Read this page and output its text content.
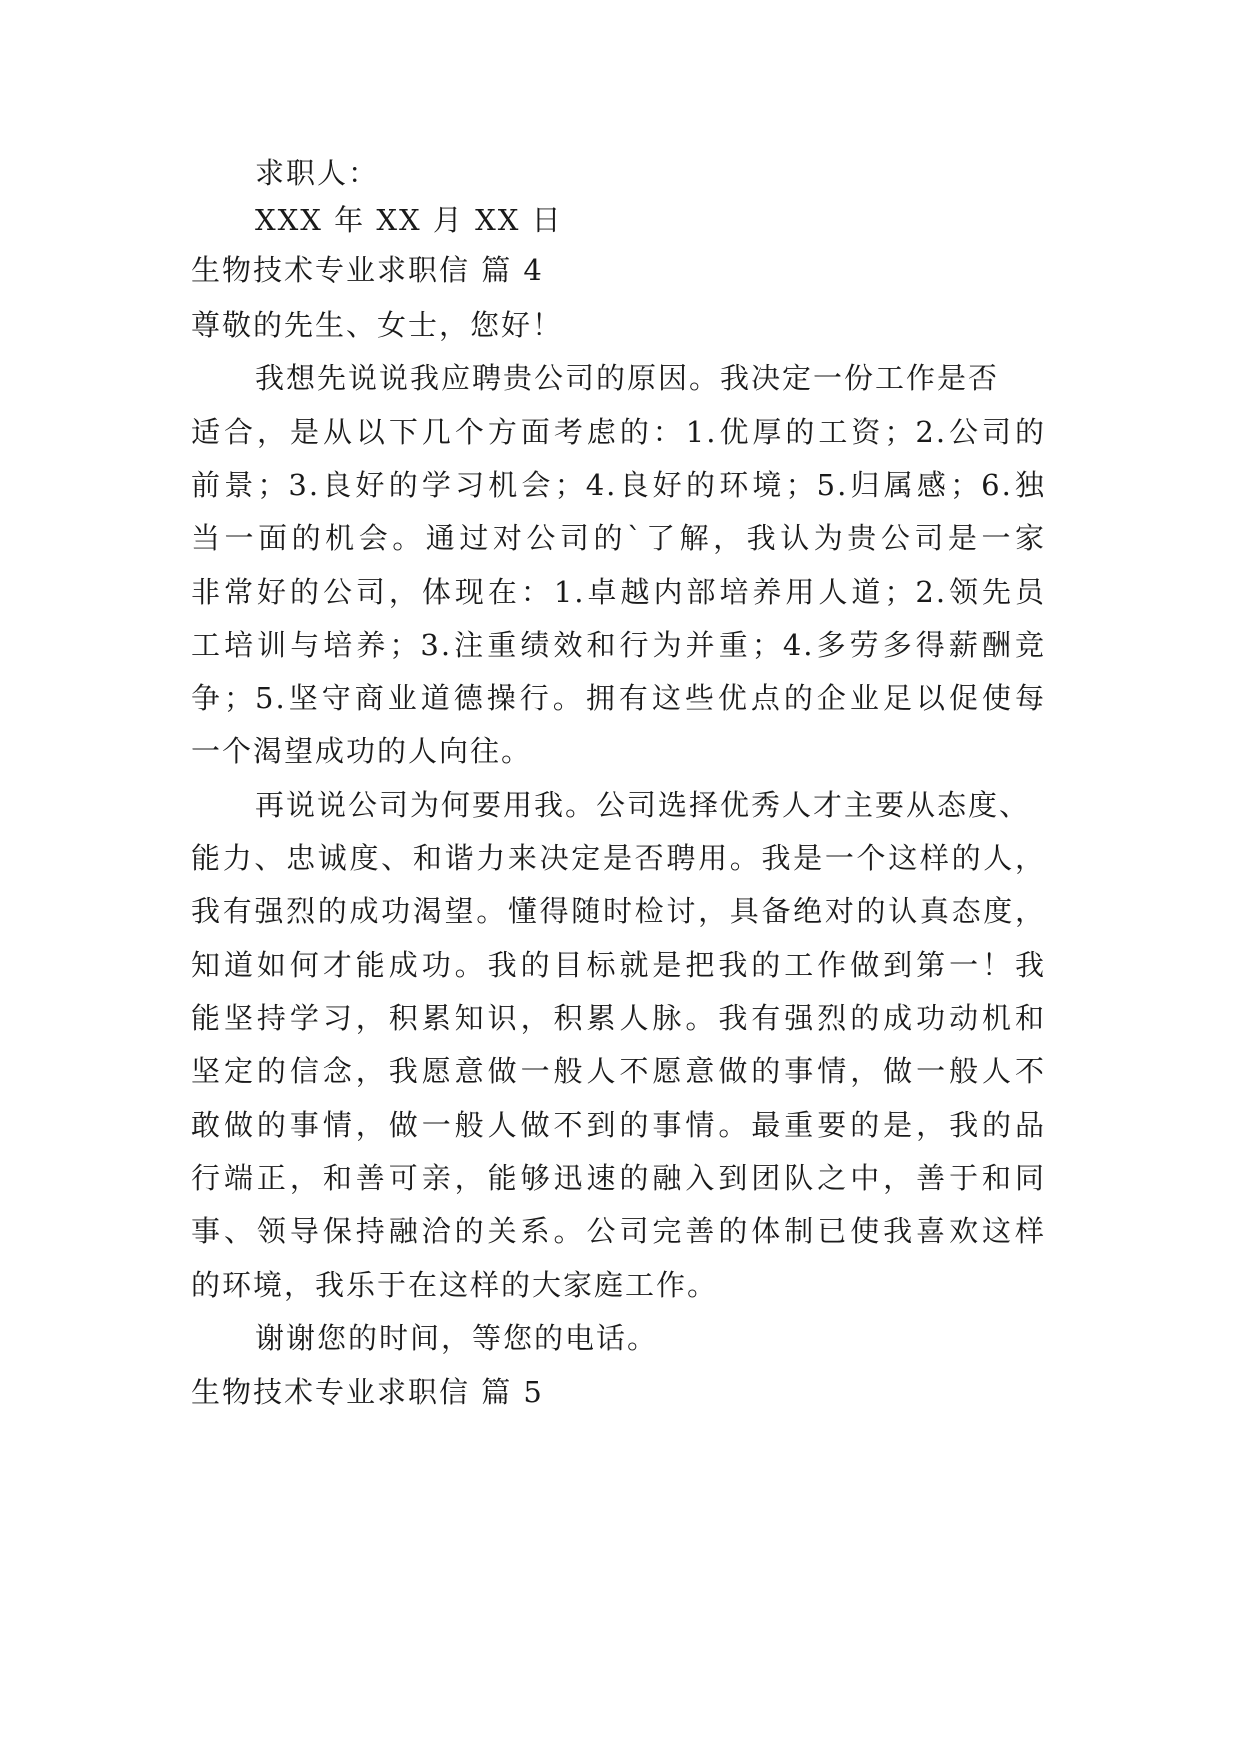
求职人：

XXX 年 XX 月 XX 日

生物技术专业求职信 篇 4

尊敬的先生、女士，您好！

我想先说说我应聘贵公司的原因。我决定一份工作是否

适合，是从以下几个方面考虑的：1.优厚的工资；2.公司的

前景；3.良好的学习机会；4.良好的环境；5.归属感；6.独

当一面的机会。通过对公司的`了解，我认为贵公司是一家

非常好的公司，体现在：1.卓越内部培养用人道；2.领先员

工培训与培养；3.注重绩效和行为并重；4.多劳多得薪酬竞

争；5.坚守商业道德操行。拥有这些优点的企业足以促使每

一个渴望成功的人向往。

再说说公司为何要用我。公司选择优秀人才主要从态度、

能力、忠诚度、和谐力来决定是否聘用。我是一个这样的人，

我有强烈的成功渴望。懂得随时检讨，具备绝对的认真态度，

知道如何才能成功。我的目标就是把我的工作做到第一！我

能坚持学习，积累知识，积累人脉。我有强烈的成功动机和

坚定的信念，我愿意做一般人不愿意做的事情，做一般人不

敢做的事情，做一般人做不到的事情。最重要的是，我的品

行端正，和善可亲，能够迅速的融入到团队之中，善于和同

事、领导保持融洽的关系。公司完善的体制已使我喜欢这样

的环境，我乐于在这样的大家庭工作。

谢谢您的时间，等您的电话。

生物技术专业求职信 篇 5
